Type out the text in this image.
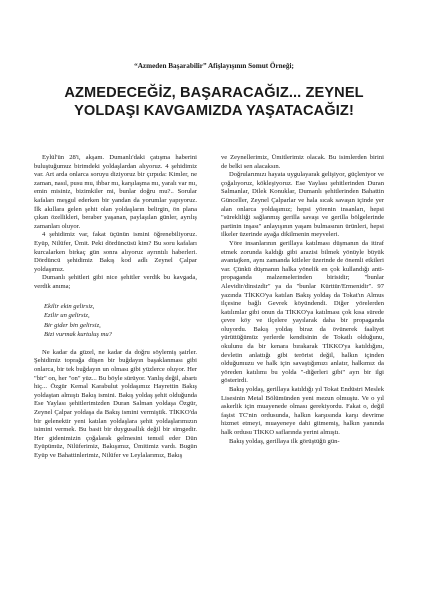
“Azmeden Başarabilir” Afişlayışının Somut Örneği;
AZMEDECEĞİZ, BAŞARACAĞIZ... ZEYNEL
YOLDAŞI KAVGAMIZDA YAŞATACAĞIZ!

Eylül'ün 28'i, akşam. Dumanlı'daki çatışma haberini buluştuğumuz birimdeki yoldaşlardan alıyoruz. 4 şehidimiz var. Art arda onlarca soruyu diziyoruz bir çırpıda: Kimler, ne zaman, nasıl, pusu mu, ihbar mı, karşılaşma mı, yaralı var mı, emin misiniz, bizimkiler mi, bunlar doğru mu?.. Sorular kafaları meşgul ederken bir yandan da yorumlar yapıyoruz. İlk akıllara gelen şehit olan yoldaşların belirgin, ön plana çıkan özellikleri, beraber yaşanan, paylaşılan günler, ayrılış zamanları oluyor.

4 şehidimiz var, fakat üçünün ismini öğrenebiliyoruz. Eyüp, Nilüfer, Ümit. Peki dördüncüsü kim? Bu soru kafaları kurcalarken birkaç gün sonra alıyoruz ayrıntılı haberleri. Dördüncü şehidimiz Bakış kod adlı Zeynel Çalpar yoldaşımız.

Dumanlı şehitleri gibi nice şehitler verdik bu kavgada, verdik anıma;

Ekilir ekin gelirsiz,
Ezilir un gelirsiz,
Bir gider bin gelirsiz,
Bizi vurmak kurtuluş mu?

Ne kadar da güzel, ne kadar da doğru söylemiş şairler. Şehidimiz toprağa düşen bir buğdayın başaklanması gibi onlarca, bir tek buğdayın un olması gibi yüzlerce oluyor. Her "bir" on, her "on" yüz... Bu böyle sürüyor. Yanlış değil, abartı hiç... Özgür Kemal Karabulut yoldaşımız Hayrettin Bakış yoldaştan almıştı Bakış ismini. Bakış yoldaş şehit olduğunda Ese Yaylası şehitlerimizden Duran Salman yoldaşa Özgür, Zeynel Çalpar yoldaşa da Bakış ismini vermiştik. TİKKO'da bir gelenektir yeni katılan yoldaşlara şehit yoldaşlarımızın isimini vermek. Bu basit bir duygusallık değil bir simgedir. Her gidenimizin çoğalarak gelmesini temsil eder Dün Eyüpümüz, Nilüferimiz, Bakışımız, Ümitimiz vardı. Bugün Eyüp ve Bahattinlerimiz, Nilüfer ve Leylalarımız, Bakış

ve Zeynellerimiz, Ümitlerimiz olacak. Bu isimlerden birini de belki sen alacaksın.

Doğrularımızı hayata uygulayarak gelişiyor, güçleniyor ve çoğalıyoruz, kökleşiyoruz. Ese Yaylası şehitlerinden Duran Salmanlar, Dilek Konuklar, Dumanlı şehitlerinden Bahattin Günceller, Zeynel Çalparlar ve hala sıcak savaşın içinde yer alan onlarca yoldaşımız; hepsi yörenin insanları, hepsi "sürekliliği sağlanmış gerilla savaşı ve gerilla bölgelerinde partinin inşası" anlayışının yaşam bulmasının ürünleri, hepsi ilkeler üzerinde ayağa dikilmenin meyveleri.

Yöre insanlarının gerillaya katılması düşmanın da itiraf etmek zorunda kaldığı gibi arazisi bilmek yönüyle büyük avantajken, aynı zamanda kitleler üzerinde de önemli etkileri var. Çünkü düşmanın halka yönelik en çok kullandığı anti-propaganda malzemelerinden birisidir; "bunlar Alevidir/dinsizdir" ya da "bunlar Kürttür/Ermenidir". 97 yazında TİKKO'ya katılan Bakış yoldaş da Tokat'ın Almus ilçesine bağlı Gevrek köyündendi. Diğer yörelerden katılımlar gibi onun da TİKKO'ya katılması çok kısa sürede çevre köy ve ilçelere yayılarak daha bir propaganda oluyordu. Bakış yoldaş biraz da övünerek faaliyet yürüttüğümüz yerlerde kendisinin de Tokatlı olduğunu, okulunu da bir kenara bırakarak TİKKO'ya katıldığını, devletin anlattığı gibi terörist değil, halkın içinden olduğumuzu ve halk için savaştığımızı anlatır, halkımız da yöreden katılımı bu yolda "-diğerleri gibi" ayrı bir ilgi gösterirdi.

Bakış yoldaş, gerillaya katıldığı yıl Tokat Endüstri Meslek Lisesinin Metal Bölümünden yeni mezun olmuştu. Ve o yıl askerlik için muayenede olması gerekiyordu. Fakat o, değil faşist TC'nin ordusunda, halkın karşısında karşı devrime hizmet etmeyi, muayeneye dahi gitmemiş, halkın yanında halk ordusu TİKKO saflarında yerini almıştı.

Bakış yoldaş, gerillaya ilk görüştüğü gün-
